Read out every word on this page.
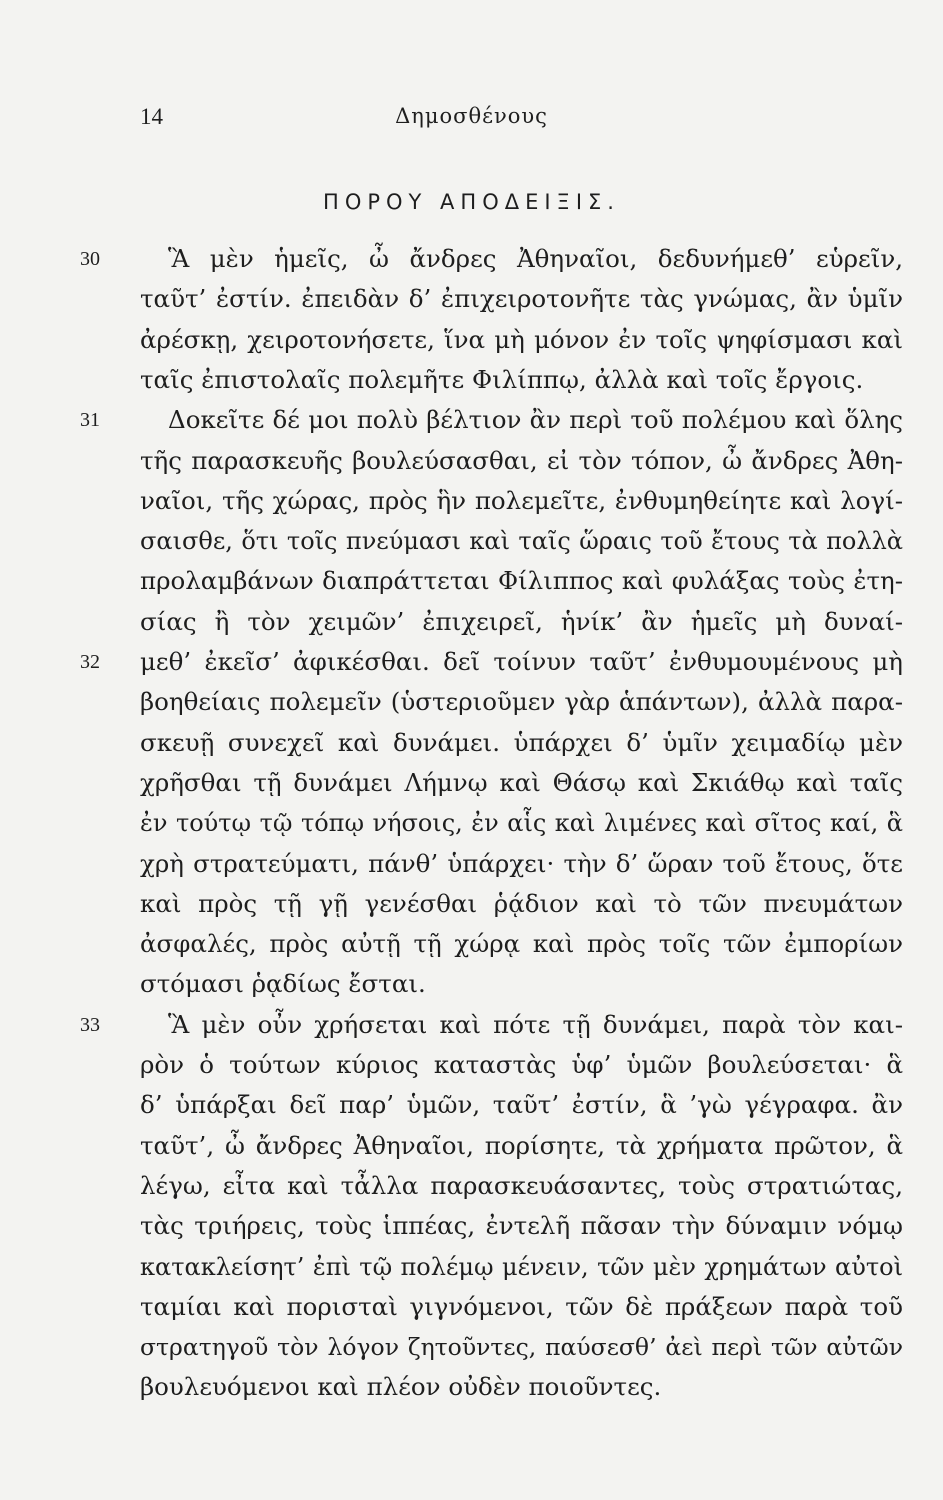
14	Δημοσθένους
ΠΟΡΟΥ ΑΠΟΔΕΙΞΙΣ.
30
31
32
33
Ἃ μὲν ἡμεῖς, ὦ ἄνδρες Ἀθηναῖοι, δεδυνήμεθ’ εὑρεῖν,
ταῦτ’ ἐστίν. ἐπειδὰν δ’ ἐπιχειροτονῆτε τὰς γνώμας, ἂν ὑμῖν
ἀρέσκῃ, χειροτονήσετε, ἵνα μὴ μόνον ἐν τοῖς ψηφίσμασι καὶ
ταῖς ἐπιστολαῖς πολεμῆτε Φιλίππῳ, ἀλλὰ καὶ τοῖς ἔργοις.
Δοκεῖτε δέ μοι πολὺ βέλτιον ἂν περὶ τοῦ πολέμου καὶ ὅλης
τῆς παρασκευῆς βουλεύσασθαι, εἰ τὸν τόπον, ὦ ἄνδρες Ἀθη-
ναῖοι, τῆς χώρας, πρὸς ἣν πολεμεῖτε, ἐνθυμηθείητε καὶ λογί-
σαισθε, ὅτι τοῖς πνεύμασι καὶ ταῖς ὥραις τοῦ ἔτους τὰ πολλὰ
προλαμβάνων διαπράττεται Φίλιππος καὶ φυλάξας τοὺς ἐτη-
σίας ἢ τὸν χειμῶν’ ἐπιχειρεῖ, ἡνίκ’ ἂν ἡμεῖς μὴ δυναί-
μεθ’ ἐκεῖσ’ ἀφικέσθαι. δεῖ τοίνυν ταῦτ’ ἐνθυμουμένους μὴ
βοηθείαις πολεμεῖν (ὑστεριοῦμεν γὰρ ἁπάντων), ἀλλὰ παρα-
σκευῇ συνεχεῖ καὶ δυνάμει. ὑπάρχει δ’ ὑμῖν χειμαδίῳ μὲν
χρῆσθαι τῇ δυνάμει Λήμνῳ καὶ Θάσῳ καὶ Σκιάθῳ καὶ ταῖς
ἐν τούτῳ τῷ τόπῳ νήσοις, ἐν αἷς καὶ λιμένες καὶ σῖτος καί, ἃ
χρὴ στρατεύματι, πάνθ’ ὑπάρχει· τὴν δ’ ὥραν τοῦ ἔτους, ὅτε
καὶ πρὸς τῇ γῇ γενέσθαι ῥᾴδιον καὶ τὸ τῶν πνευμάτων
ἀσφαλές, πρὸς αὐτῇ τῇ χώρᾳ καὶ πρὸς τοῖς τῶν ἐμπορίων
στόμασι ῥᾳδίως ἔσται.
Ἃ μὲν οὖν χρήσεται καὶ πότε τῇ δυνάμει, παρὰ τὸν και-
ρὸν ὁ τούτων κύριος καταστὰς ὑφ’ ὑμῶν βουλεύσεται· ἃ
δ’ ὑπάρξαι δεῖ παρ’ ὑμῶν, ταῦτ’ ἐστίν, ἃ ’γὼ γέγραφα. ἂν
ταῦτ’, ὦ ἄνδρες Ἀθηναῖοι, πορίσητε, τὰ χρήματα πρῶτον, ἃ
λέγω, εἶτα καὶ τἆλλα παρασκευάσαντες, τοὺς στρατιώτας,
τὰς τριήρεις, τοὺς ἱππέας, ἐντελῆ πᾶσαν τὴν δύναμιν νόμῳ
κατακλείσητ’ ἐπὶ τῷ πολέμῳ μένειν, τῶν μὲν χρημάτων αὐτοὶ
ταμίαι καὶ πορισταὶ γιγνόμενοι, τῶν δὲ πράξεων παρὰ τοῦ
στρατηγοῦ τὸν λόγον ζητοῦντες, παύσεσθ’ ἀεὶ περὶ τῶν αὐτῶν
βουλευόμενοι καὶ πλέον οὐδὲν ποιοῦντες.
